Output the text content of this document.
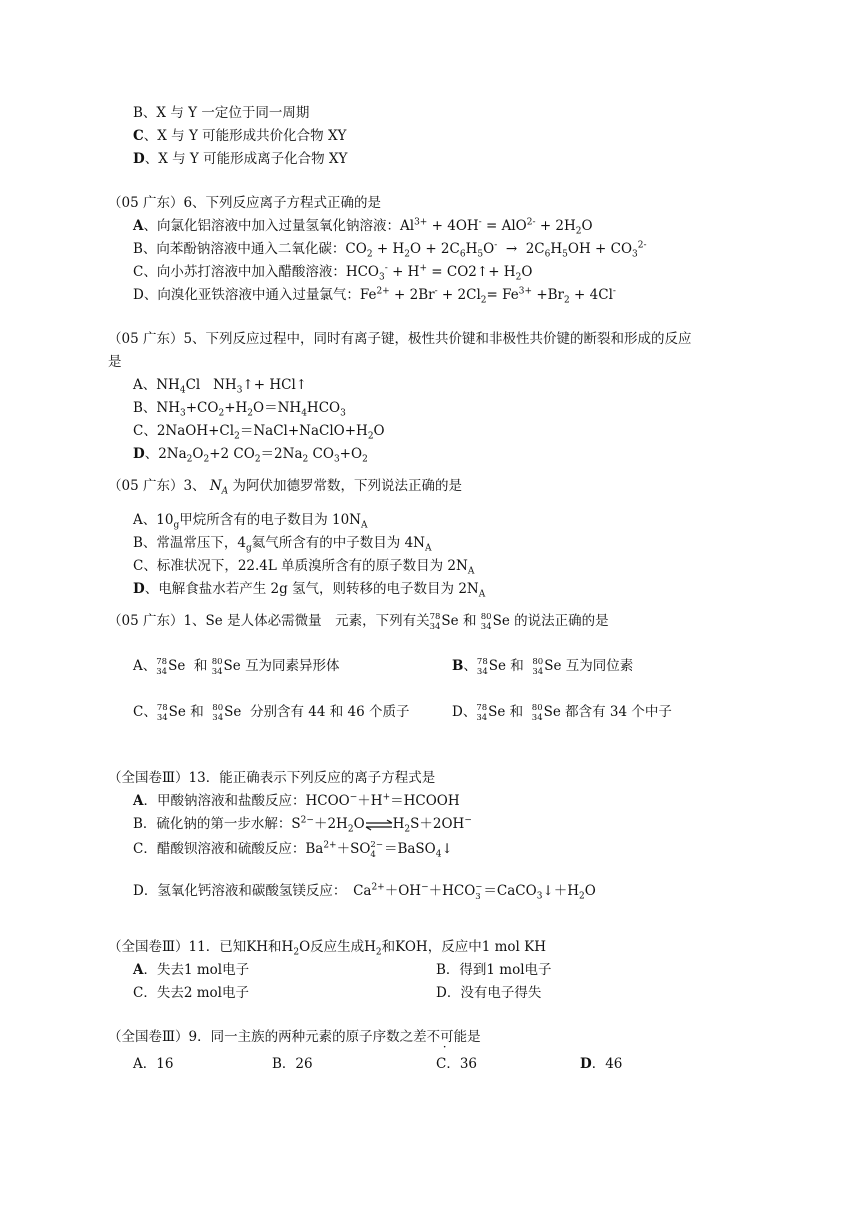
B、X 与 Y 一定位于同一周期
C、X 与 Y 可能形成共价化合物 XY
D、X 与 Y 可能形成离子化合物 XY
（05 广东）6、下列反应离子方程式正确的是
A、向氯化铝溶液中加入过量氢氧化钠溶液：$Al^{3+} + 4OH^- = AlO^{2-} + 2H_2O$
B、向苯酚钠溶液中通入二氧化碳：$CO_2 + H_2O + 2C_6H_5O^- \to 2C_6H_5OH + CO_3^{2-}$
C、向小苏打溶液中加入醋酸溶液：$HCO_3^- + H^+$ = CO2↑+ $H_2O$
D、向溴化亚铁溶液中通入过量氯气：$Fe^{2+} + 2Br^- + 2Cl_2= Fe^{3+} +Br_2 + 4Cl^-$
（05 广东）5、下列反应过程中，同时有离子键，极性共价键和非极性共价键的断裂和形成的反应
是
A、$NH_4Cl$   $NH_3↑+$ HCl↑
B、$NH_3+CO_2+H_2O=NH_4HCO_3$
C、$2NaOH+Cl_2=NaCl+NaClO+H_2O$
D、$2Na_2O_2+2$ $CO_2=2Na_2$ $CO_3+O_2$
（05 广东）3、 $N_A$ 为阿伏加德罗常数，下列说法正确的是
A、$10_g$甲烷所含有的电子数目为 $10N_A$
B、常温常压下，$4_g$氦气所含有的中子数目为 $4N_A$
C、标准状况下，22.4L 单质溴所含有的原子数目为 $2N_A$
D、电解食盐水若产生 2g 氢气，则转移的电子数目为 $2N_A$
（05 广东）1、Se 是人体必需微量　元素，下列有关 78
34 Se 和 80
34 Se 的说法正确的是
A、 78
34 Se  和 80
34 Se 互为同素异形体	B、 78
34 Se 和 80
34 Se 互为同位素
C、 78
34 Se 和 80
34 Se  分别含有 44 和 46 个质子	D、 78
34 Se 和 80
34 Se 都含有 34 个中子
（全国卷Ⅲ）13．能正确表示下列反应的离子方程式是
A．甲酸钠溶液和盐酸反应：HCOO−＋H+＝HCOOH
B．硫化钠的第一步水解：$S^{2-}+2H_2O\rightleftharpoons H_2S+2OH^-$
C．醋酸钡溶液和硫酸反应：$Ba^{2+}+SO$ 2−
4 ＝BaSO$_4$↓
D．氢氧化钙溶液和碳酸氢镁反应：　$Ca^{2+}+OH^-+HCO$ −
$3 =CaCO_3↓+H_2O$
（全国卷Ⅲ）11．已知KH和$H_2O$反应生成$H_2$和KOH，反应中1 mol KH
A．失去1 mol电子	B．得到1 mol电子
C．失去2 mol电子	D．没有电子得失
（全国卷Ⅲ）9．同一主族的两种元素的原子序数之差不可能是
A．16	B．26	C．36	D．46
